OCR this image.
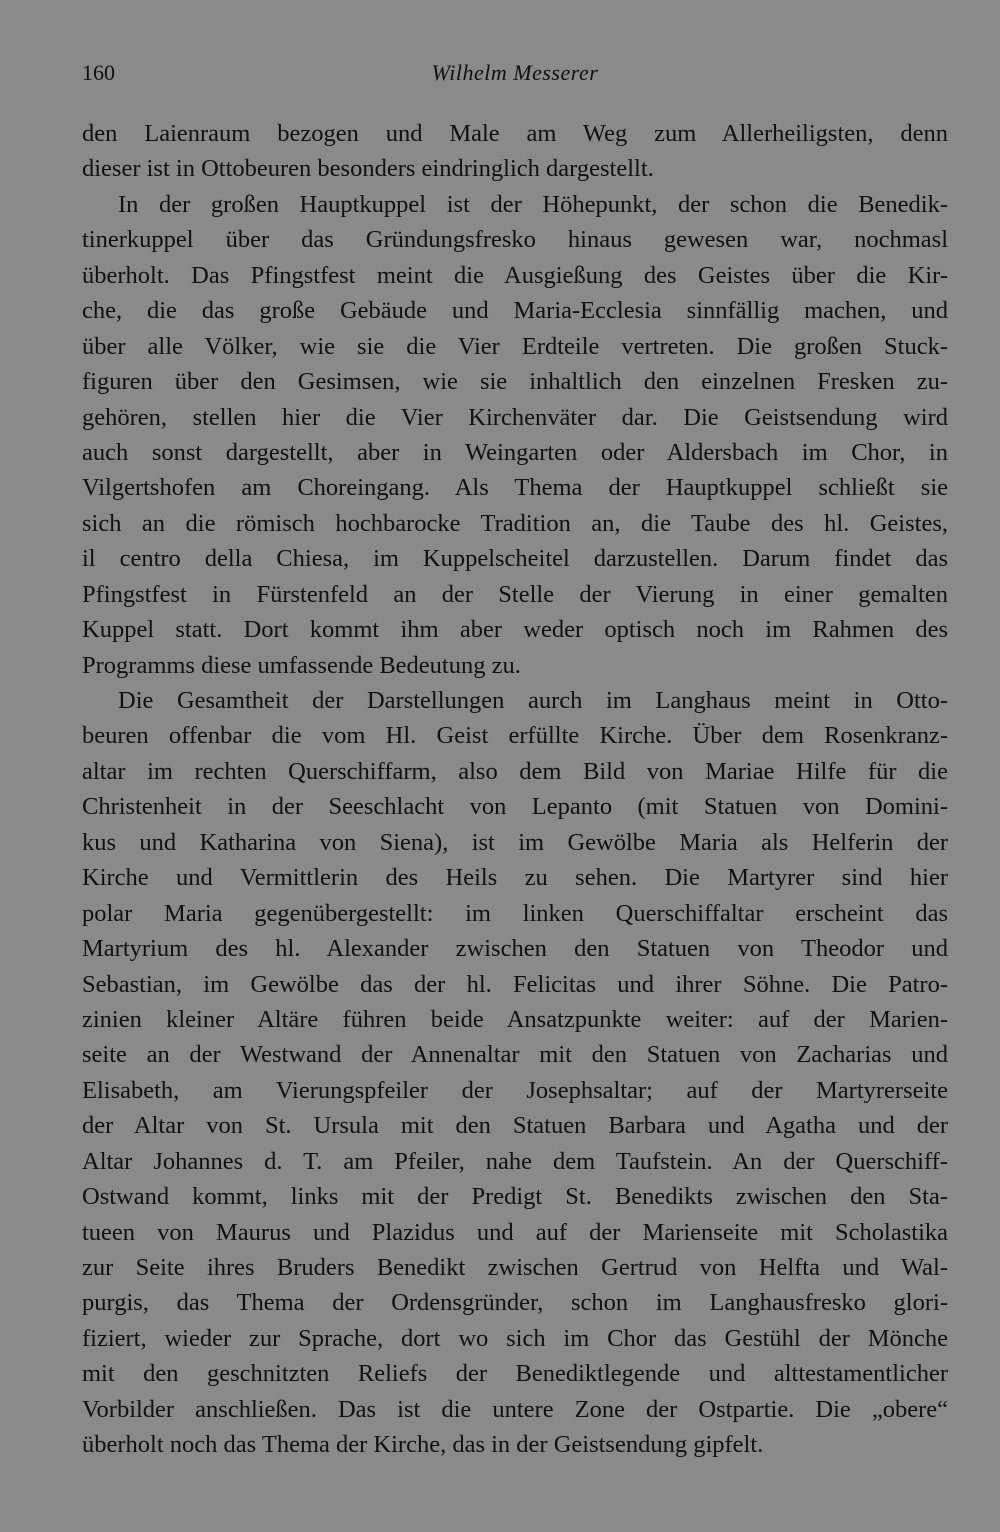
160	Wilhelm Messerer
den Laienraum bezogen und Male am Weg zum Allerheiligsten, denn
dieser ist in Ottobeuren besonders eindringlich dargestellt.
In der großen Hauptkuppel ist der Höhepunkt, der schon die Benedik-
tinerkuppel über das Gründungsfresko hinaus gewesen war, nochmasl
überholt. Das Pfingstfest meint die Ausgießung des Geistes über die Kir-
che, die das große Gebäude und Maria-Ecclesia sinnfällig machen, und
über alle Völker, wie sie die Vier Erdteile vertreten. Die großen Stuck-
figuren über den Gesimsen, wie sie inhaltlich den einzelnen Fresken zu-
gehören, stellen hier die Vier Kirchenväter dar. Die Geistsendung wird
auch sonst dargestellt, aber in Weingarten oder Aldersbach im Chor, in
Vilgertshofen am Choreingang. Als Thema der Hauptkuppel schließt sie
sich an die römisch hochbarocke Tradition an, die Taube des hl. Geistes,
il centro della Chiesa, im Kuppelscheitel darzustellen. Darum findet das
Pfingstfest in Fürstenfeld an der Stelle der Vierung in einer gemalten
Kuppel statt. Dort kommt ihm aber weder optisch noch im Rahmen des
Programms diese umfassende Bedeutung zu.
Die Gesamtheit der Darstellungen aurch im Langhaus meint in Otto-
beuren offenbar die vom Hl. Geist erfüllte Kirche. Über dem Rosenkranz-
altar im rechten Querschiffarm, also dem Bild von Mariae Hilfe für die
Christenheit in der Seeschlacht von Lepanto (mit Statuen von Domini-
kus und Katharina von Siena), ist im Gewölbe Maria als Helferin der
Kirche und Vermittlerin des Heils zu sehen. Die Martyrer sind hier
polar Maria gegenübergestellt: im linken Querschiffaltar erscheint das
Martyrium des hl. Alexander zwischen den Statuen von Theodor und
Sebastian, im Gewölbe das der hl. Felicitas und ihrer Söhne. Die Patro-
zinien kleiner Altäre führen beide Ansatzpunkte weiter: auf der Marien-
seite an der Westwand der Annenaltar mit den Statuen von Zacharias und
Elisabeth, am Vierungspfeiler der Josephsaltar; auf der Martyrerseite
der Altar von St. Ursula mit den Statuen Barbara und Agatha und der
Altar Johannes d. T. am Pfeiler, nahe dem Taufstein. An der Querschiff-
Ostwand kommt, links mit der Predigt St. Benedikts zwischen den Sta-
tueen von Maurus und Plazidus und auf der Marienseite mit Scholastika
zur Seite ihres Bruders Benedikt zwischen Gertrud von Helfta und Wal-
purgis, das Thema der Ordensgründer, schon im Langhausfresko glori-
fiziert, wieder zur Sprache, dort wo sich im Chor das Gestühl der Mönche
mit den geschnitzten Reliefs der Benediktlegende und alttestamentlicher
Vorbilder anschließen. Das ist die untere Zone der Ostpartie. Die „obere“
überholt noch das Thema der Kirche, das in der Geistsendung gipfelt.
